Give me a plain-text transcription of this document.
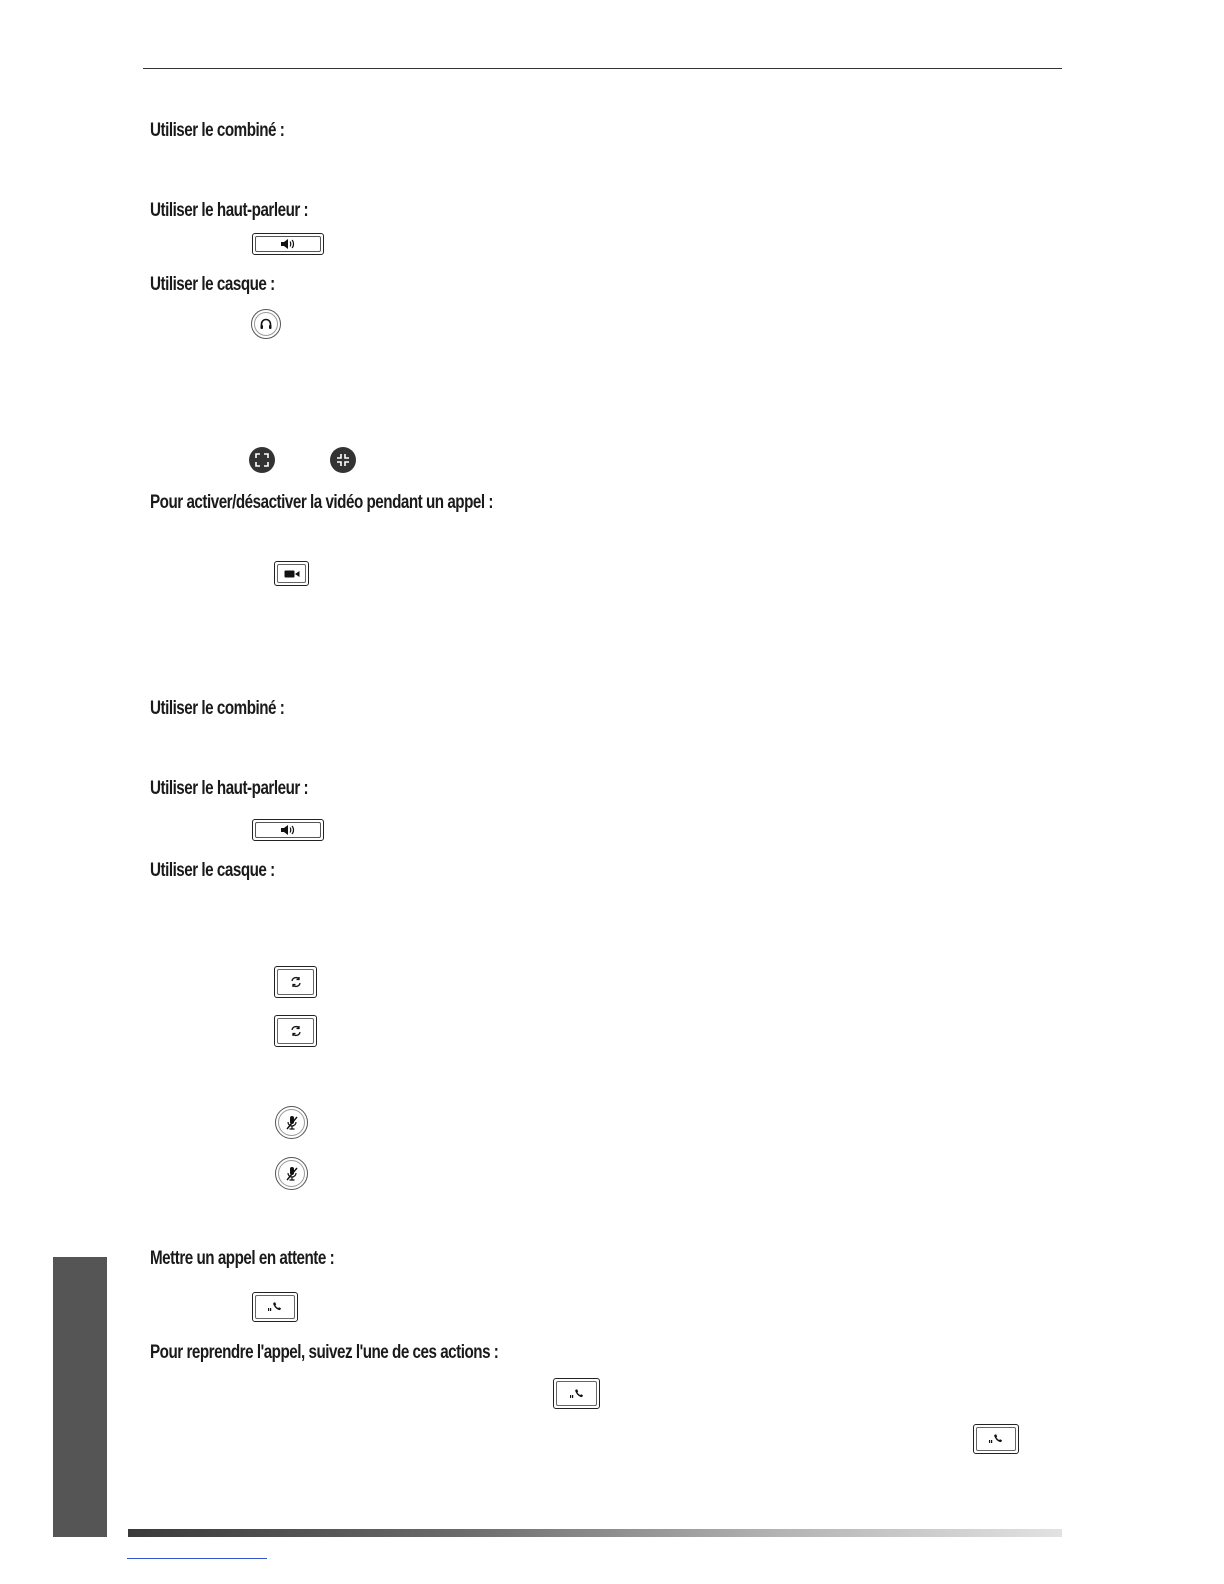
Utiliser le combiné :

Utiliser le haut-parleur :

Utiliser le casque :

Pour activer/désactiver la vidéo pendant un appel :

Utiliser le combiné :

Utiliser le haut-parleur :

Utiliser le casque :

Mettre un appel en attente :

Pour reprendre l'appel, suivez l'une de ces actions :
